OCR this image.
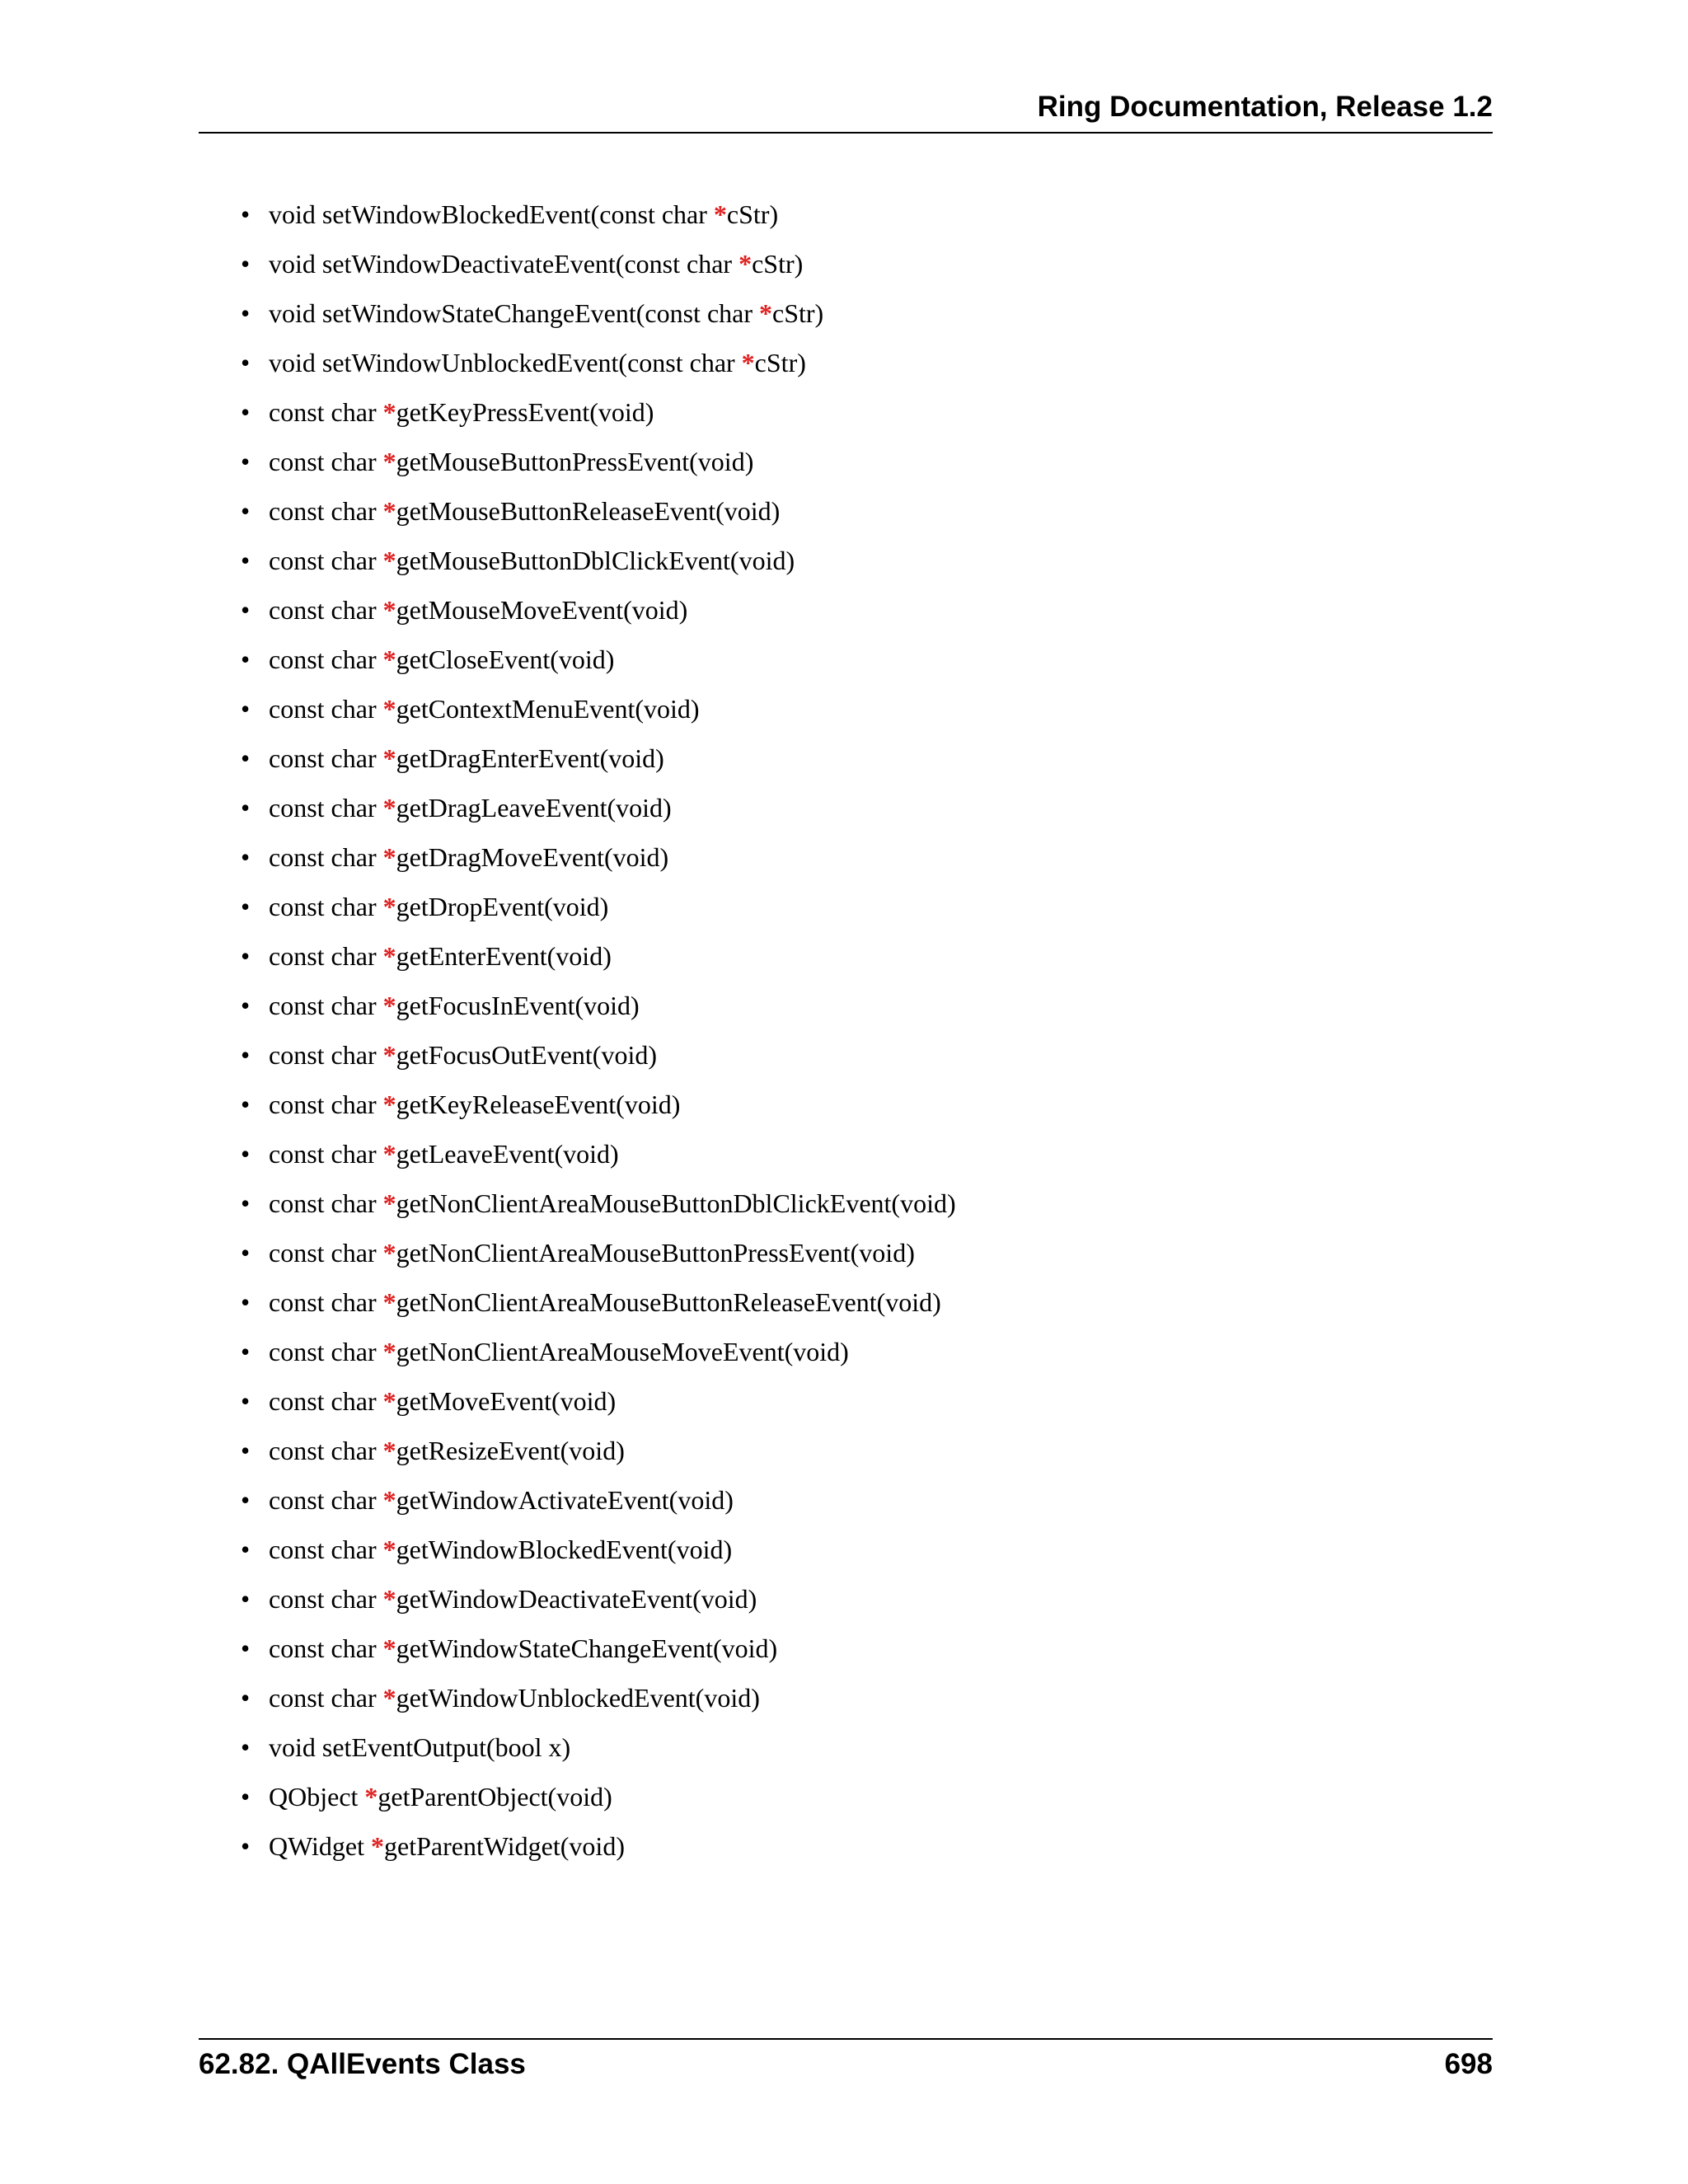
Ring Documentation, Release 1.2
• void setWindowBlockedEvent(const char *cStr)
• void setWindowDeactivateEvent(const char *cStr)
• void setWindowStateChangeEvent(const char *cStr)
• void setWindowUnblockedEvent(const char *cStr)
• const char *getKeyPressEvent(void)
• const char *getMouseButtonPressEvent(void)
• const char *getMouseButtonReleaseEvent(void)
• const char *getMouseButtonDblClickEvent(void)
• const char *getMouseMoveEvent(void)
• const char *getCloseEvent(void)
• const char *getContextMenuEvent(void)
• const char *getDragEnterEvent(void)
• const char *getDragLeaveEvent(void)
• const char *getDragMoveEvent(void)
• const char *getDropEvent(void)
• const char *getEnterEvent(void)
• const char *getFocusInEvent(void)
• const char *getFocusOutEvent(void)
• const char *getKeyReleaseEvent(void)
• const char *getLeaveEvent(void)
• const char *getNonClientAreaMouseButtonDblClickEvent(void)
• const char *getNonClientAreaMouseButtonPressEvent(void)
• const char *getNonClientAreaMouseButtonReleaseEvent(void)
• const char *getNonClientAreaMouseMoveEvent(void)
• const char *getMoveEvent(void)
• const char *getResizeEvent(void)
• const char *getWindowActivateEvent(void)
• const char *getWindowBlockedEvent(void)
• const char *getWindowDeactivateEvent(void)
• const char *getWindowStateChangeEvent(void)
• const char *getWindowUnblockedEvent(void)
• void setEventOutput(bool x)
• QObject *getParentObject(void)
• QWidget *getParentWidget(void)
62.82. QAllEvents Class	698
